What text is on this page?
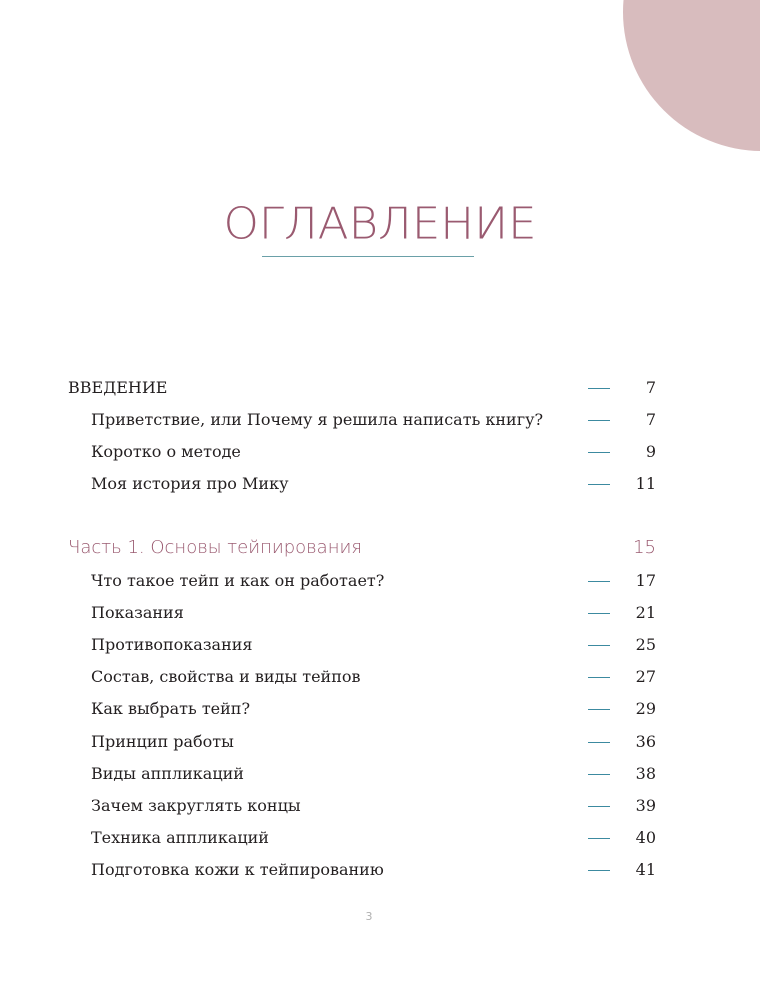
ОГЛАВЛЕНИЕ
ВВЕДЕНИЕ	7
Приветствие, или Почему я решила написать книгу?	7
Коротко о методе	9
Моя история про Мику	11
Часть 1. Основы тейпирования	15
Что такое тейп и как он работает?	17
Показания	21
Противопоказания	25
Состав, свойства и виды тейпов	27
Как выбрать тейп?	29
Принцип работы	36
Виды аппликаций	38
Зачем закруглять концы	39
Техника аппликаций	40
Подготовка кожи к тейпированию	41
3
